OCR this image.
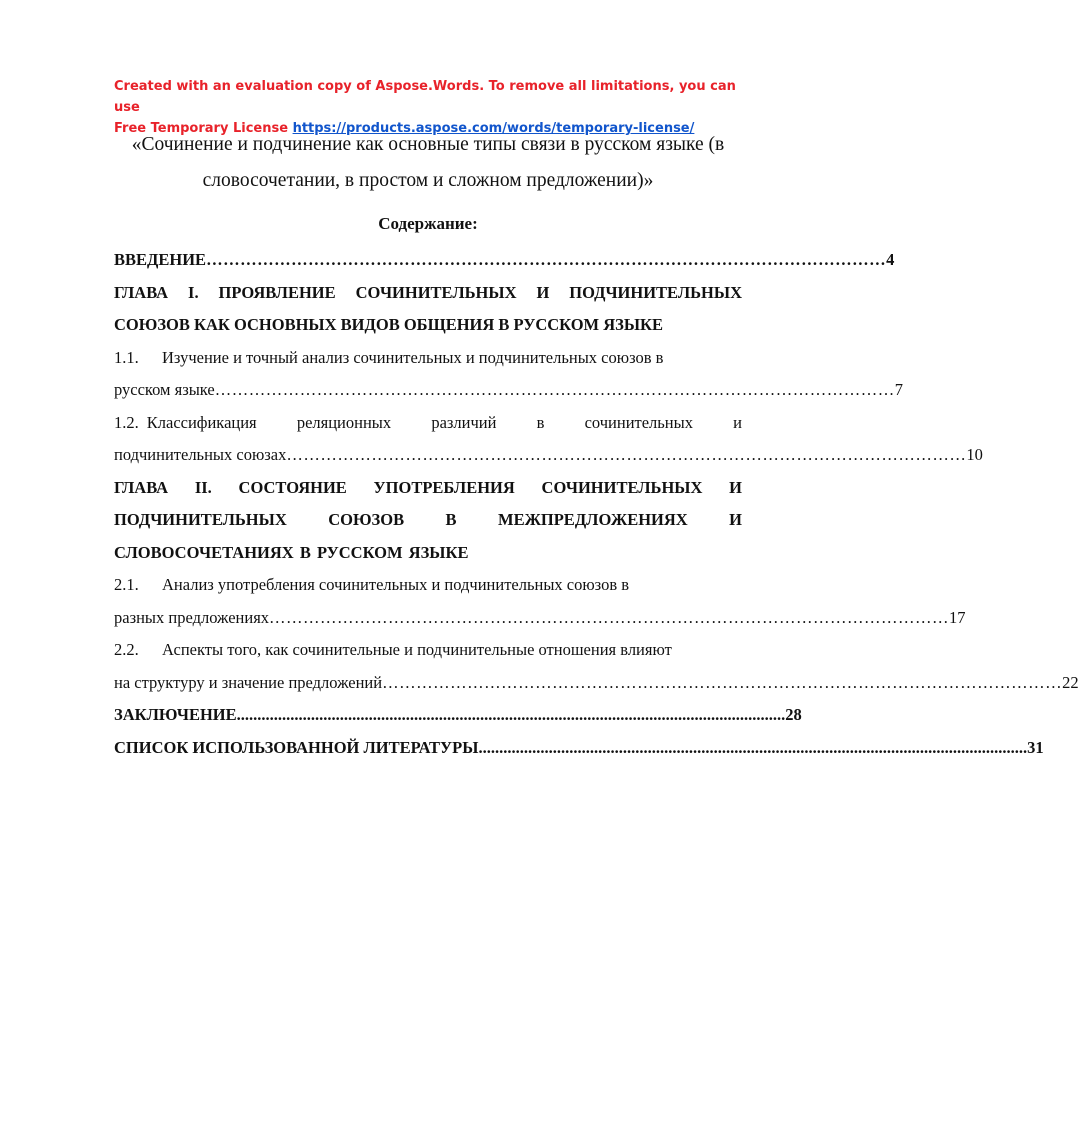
Created with an evaluation copy of Aspose.Words. To remove all limitations, you can use
Free Temporary License https://products.aspose.com/words/temporary-license/
«Сочинение и подчинение как основные типы связи в русском языке (в словосочетании, в простом и сложном предложении)»
Содержание:
ВВЕДЕНИЕ ………………………………………………………………………………………………………… 4

ГЛАВА I. ПРОЯВЛЕНИЕ СОЧИНИТЕЛЬНЫХ И ПОДЧИНИТЕЛЬНЫХ СОЮЗОВ КАК ОСНОВНЫХ ВИДОВ ОБЩЕНИЯ В РУССКОМ ЯЗЫКЕ

1.1. Изучение и точный анализ сочинительных и подчинительных союзов в

русском языке ………………………………………………………………………………………………………… 7

1.2. Классификация реляционных различий в сочинительных и

подчинительных союзах ………………………………………………………………………………………………………… 10

ГЛАВА II. СОСТОЯНИЕ УПОТРЕБЛЕНИЯ СОЧИНИТЕЛЬНЫХ И ПОДЧИНИТЕЛЬНЫХ СОЮЗОВ В МЕЖПРЕДЛОЖЕНИЯХ И СЛОВОСОЧЕТАНИЯХ В РУССКОМ ЯЗЫКЕ

2.1. Анализ употребления сочинительных и подчинительных союзов в

разных предложениях ………………………………………………………………………………………………………… 17

2.2. Аспекты того, как сочинительные и подчинительные отношения влияют

на структуру и значение предложений ………………………………………………………………………………………………………… 22
ЗАКЛЮЧЕНИЕ ..................................................................................................................................... 28
СПИСОК ИСПОЛЬЗОВАННОЙ ЛИТЕРАТУРЫ ..................................................................................................................................... 31
